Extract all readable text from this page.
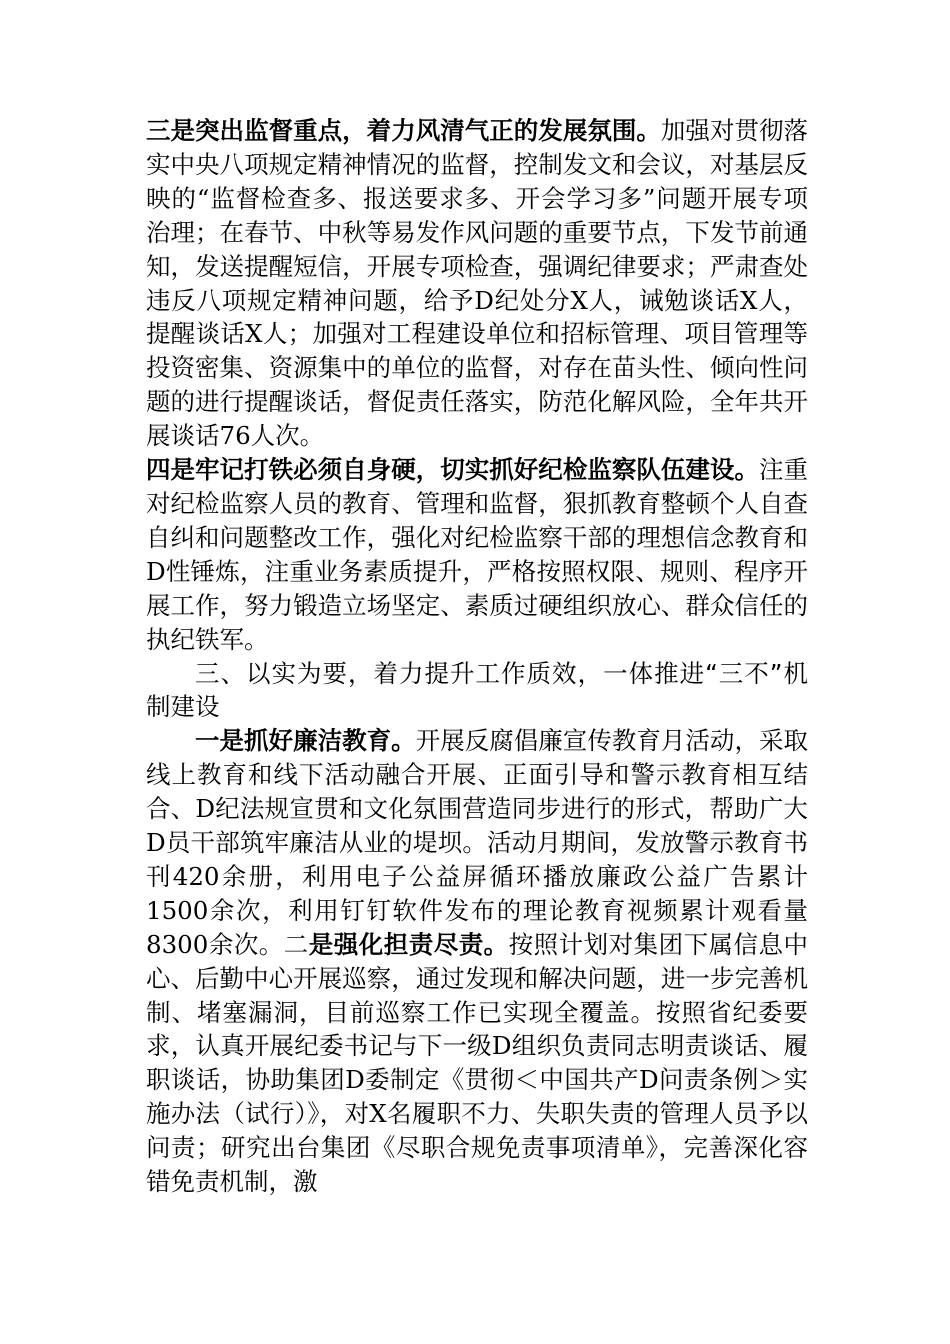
三是突出监督重点，着力风清气正的发展氛围。加强对贯彻落实中央八项规定精神情况的监督，控制发文和会议，对基层反映的“监督检查多、报送要求多、开会学习多”问题开展专项治理；在春节、中秋等易发作风问题的重要节点，下发节前通知，发送提醒短信，开展专项检查，强调纪律要求；严肃查处违反八项规定精神问题，给予D纪处分X人，诫勉谈话X人，提醒谈话X人；加强对工程建设单位和招标管理、项目管理等投资密集、资源集中的单位的监督，对存在苗头性、倾向性问题的进行提醒谈话，督促责任落实，防范化解风险，全年共开展谈话76人次。

四是牢记打铁必须自身硬，切实抓好纪检监察队伍建设。注重对纪检监察人员的教育、管理和监督，狠抓教育整顿个人自查自纠和问题整改工作，强化对纪检监察干部的理想信念教育和D性锤炼，注重业务素质提升，严格按照权限、规则、程序开展工作，努力锻造立场坚定、素质过硬组织放心、群众信任的执纪铁军。

三、以实为要，着力提升工作质效，一体推进“三不”机制建设

一是抓好廉洁教育。开展反腐倡廉宣传教育月活动，采取线上教育和线下活动融合开展、正面引导和警示教育相互结合、D纪法规宣贯和文化氛围营造同步进行的形式，帮助广大D员干部筑牢廉洁从业的堤坝。活动月期间，发放警示教育书刊420余册，利用电子公益屏循环播放廉政公益广告累计1500余次，利用钉钉软件发布的理论教育视频累计观看量8300余次。二是强化担责尽责。按照计划对集团下属信息中心、后勤中心开展巡察，通过发现和解决问题，进一步完善机制、堵塞漏洞，目前巡察工作已实现全覆盖。按照省纪委要求，认真开展纪委书记与下一级D组织负责同志明责谈话、履职谈话，协助集团D委制定《贯彻＜中国共产D问责条例＞实施办法（试行）》，对X名履职不力、失职失责的管理人员予以问责；研究出台集团《尽职合规免责事项清单》，完善深化容错免责机制，激
